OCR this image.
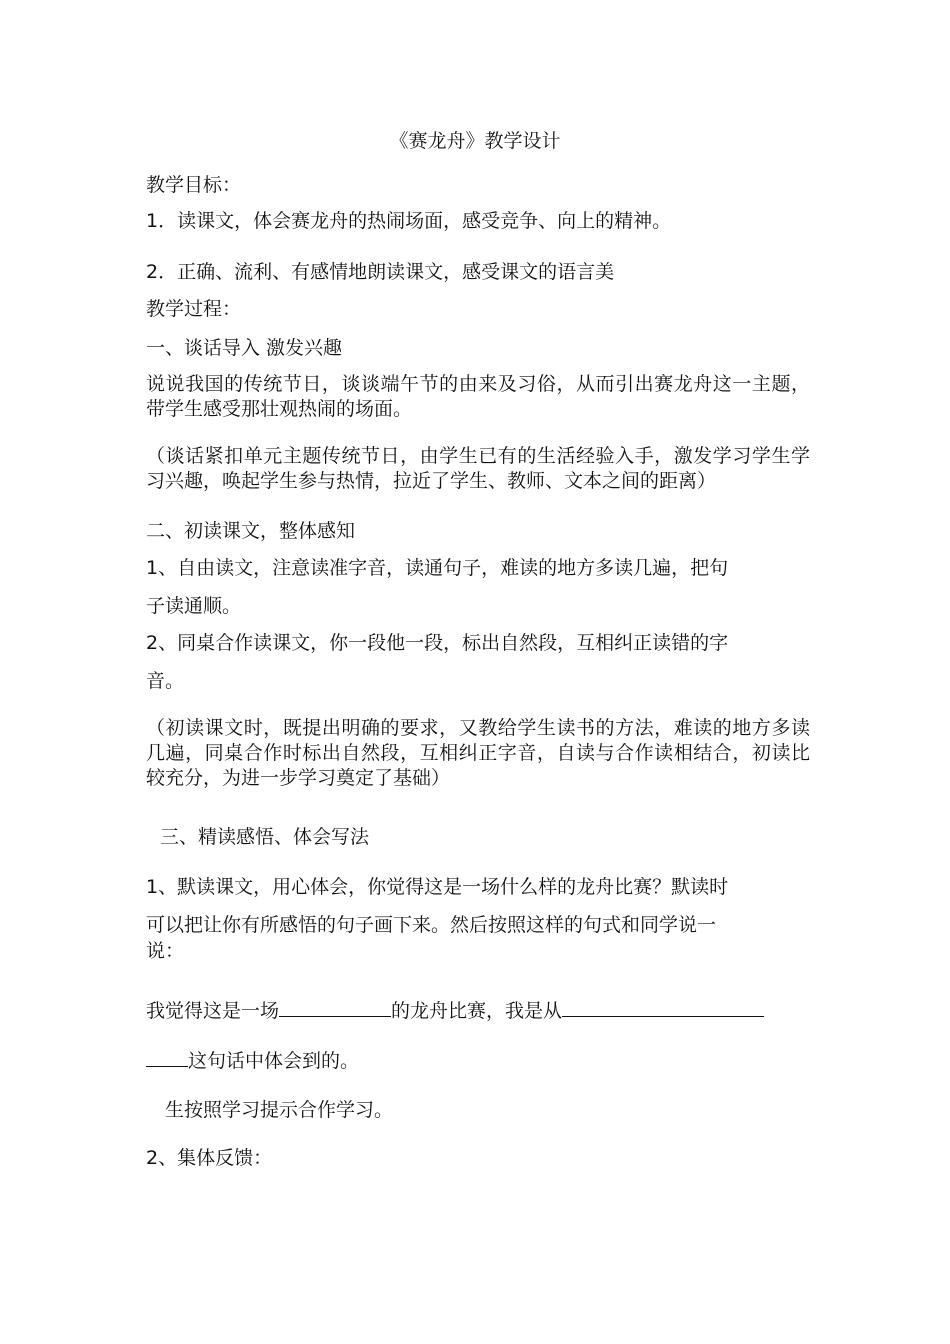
《赛龙舟》教学设计
教学目标：
1．读课文，体会赛龙舟的热闹场面，感受竞争、向上的精神。
2．正确、流利、有感情地朗读课文，感受课文的语言美
教学过程：
一、谈话导入 激发兴趣
说说我国的传统节日，谈谈端午节的由来及习俗，从而引出赛龙舟这一主题，带学生感受那壮观热闹的场面。
（谈话紧扣单元主题传统节日，由学生已有的生活经验入手，激发学习学生学习兴趣，唤起学生参与热情，拉近了学生、教师、文本之间的距离）
二、初读课文，整体感知
1、自由读文，注意读准字音，读通句子，难读的地方多读几遍，把句
子读通顺。
2、同桌合作读课文，你一段他一段，标出自然段，互相纠正读错的字
音。
（初读课文时，既提出明确的要求，又教给学生读书的方法，难读的地方多读几遍，同桌合作时标出自然段，互相纠正字音，自读与合作读相结合，初读比较充分，为进一步学习奠定了基础）
三、精读感悟、体会写法
1、默读课文，用心体会，你觉得这是一场什么样的龙舟比赛？默读时
可以把让你有所感悟的句子画下来。然后按照这样的句式和同学说一
说：
我觉得这是一场	的龙舟比赛，我是从
这句话中体会到的。
生按照学习提示合作学习。
2、集体反馈：
